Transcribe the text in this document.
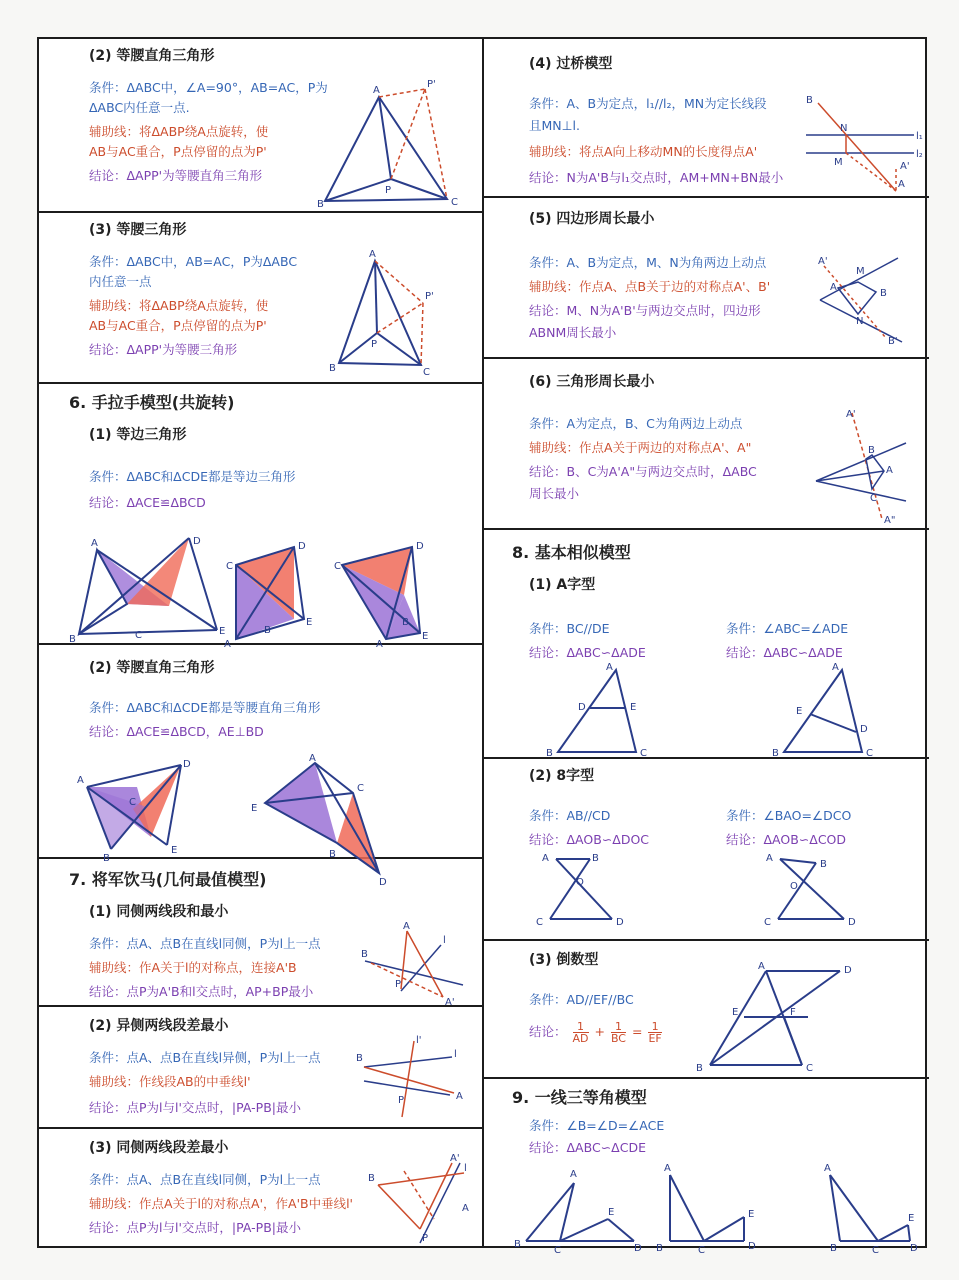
(2) 等腰直角三角形
条件：ΔABC中，∠A=90°，AB=AC，P为
ΔABC内任意一点.
辅助线：将ΔABP绕A点旋转，使
AB与AC重合，P点停留的点为P'
结论：ΔAPP'为等腰直角三角形
A
B	C
P
P'
(3) 等腰三角形
条件：ΔABC中，AB=AC，P为ΔABC
内任意一点
辅助线：将ΔABP绕A点旋转，使
AB与AC重合，P点停留的点为P'
结论：ΔAPP'为等腰三角形
A
B	C
P
P'
6. 手拉手模型(共旋转)
(1) 等边三角形
条件：ΔABC和ΔCDE都是等边三角形
结论：ΔACE≌ΔBCD
A
B	C
D
E
C
D
E
A
B
C
D
E
A
B
(2) 等腰直角三角形
条件：ΔABC和ΔCDE都是等腰直角三角形
结论：ΔACE≌ΔBCD，AE⊥BD
A
B
C
D
E
E
A
C
B
D
7. 将军饮马(几何最值模型)
(1) 同侧两线段和最小
条件：点A、点B在直线l同侧，P为l上一点
辅助线：作A关于l的对称点，连接A'B
结论：点P为A'B和l交点时，AP+BP最小
A
B
P
l
A'
(2) 异侧两线段差最小
条件：点A、点B在直线l异侧，P为l上一点
辅助线：作线段AB的中垂线l'
结论：点P为l与l'交点时，|PA-PB|最小
B
A
l'
l
P
(3) 同侧两线段差最小
条件：点A、点B在直线l同侧，P为l上一点
辅助线：作点A关于l的对称点A'，作A'B中垂线l'
结论：点P为l与l'交点时，|PA-PB|最小
B
A'
l
A
P
(4) 过桥模型
条件：A、B为定点，l₁//l₂，MN为定长线段
且MN⊥l.
辅助线：将点A向上移动MN的长度得点A'
结论：N为A'B与l₁交点时，AM+MN+BN最小
B
N
M
l₁
l₂
A'
A
(5) 四边形周长最小
条件：A、B为定点，M、N为角两边上动点
辅助线：作点A、点B关于边的对称点A'、B'
结论：M、N为A'B'与两边交点时，四边形
ABNM周长最小
A'
M
A
B
N
B'
(6) 三角形周长最小
条件：A为定点，B、C为角两边上动点
辅助线：作点A关于两边的对称点A'、A"
结论：B、C为A'A"与两边交点时，ΔABC
周长最小
A'
B
A
C
A"
8. 基本相似模型
(1) A字型
条件：BC//DE
结论：ΔABC∽ΔADE
条件：∠ABC=∠ADE
结论：ΔABC∽ΔADE
A
D	E
B	C
A
E
D
B	C
(2) 8字型
条件：AB//CD
结论：ΔAOB∽ΔDOC
条件：∠BAO=∠DCO
结论：ΔAOB∽ΔCOD
A	B
O
C	D
A
B
O
C	D
(3) 倒数型
条件：AD//EF//BC
结论： $\frac{1}{AD} + \frac{1}{BC} = \frac{1}{EF}$
A	D
E	F
B	C
9. 一线三等角模型
条件：∠B=∠D=∠ACE
结论：ΔABC∽ΔCDE
A
B
C
E
D
A
B	C
E
D
A
B	C
E
D
